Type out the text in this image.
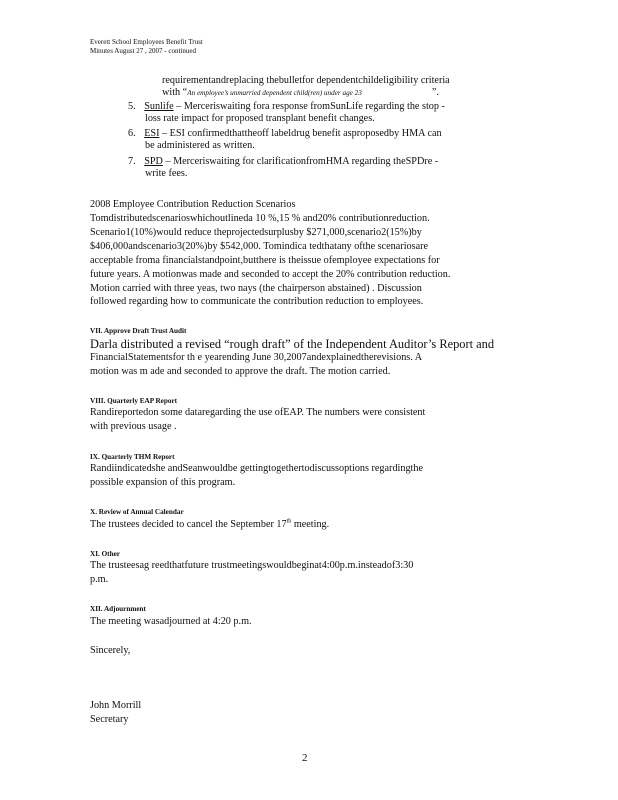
Everett School Employees Benefit Trust
Minutes August 27 , 2007 - continued
requirementandreplacing thebulletfor dependentchildeligibility criteria
with “An employee’s unmarried dependent child(ren) under age 23	”.
5. Sunlife – Merceriswaiting fora response fromSunLife regarding the stop -
loss rate impact for proposed transplant benefit changes.
6. ESI – ESI confirmedthattheoff labeldrug benefit asproposedby HMA can
be administered as written.
7. SPD – Merceriswaiting for clarificationfromHMA regarding theSPDre -
write fees.
2008 Employee Contribution Reduction Scenarios
Tomdistributedscenarioswhichoutlineda 10 %,15 % and20% contributionreduction.
Scenario1(10%)would reduce theprojectedsurplusby $271,000,scenario2(15%)by
$406,000andscenario3(20%)by $542,000. Tomindica tedthatany ofthe scenariosare
acceptable froma financialstandpoint,butthere is theissue ofemployee expectations for
future years. A motionwas made and seconded to accept the 20% contribution reduction.
Motion carried with three yeas, two nays (the chairperson abstained) . Discussion
followed regarding how to communicate the contribution reduction to employees.
VII. Approve Draft Trust Audit
Darla distributed a revised “rough draft” of the Independent Auditor’s Report and
FinancialStatementsfor th e yearending June 30,2007andexplainedtherevisions. A
motion was m ade and seconded to approve the draft. The motion carried.
VIII. Quarterly EAP Report
Randireportedon some dataregarding the use ofEAP. The numbers were consistent
with previous usage .
IX. Quarterly THM Report
Randiindicatedshe andSeanwouldbe gettingtogethertodiscussoptions regardingthe
possible expansion of this program.
X. Review of Annual Calendar
The trustees decided to cancel the September 17th meeting.
XI. Other
The trusteesag reedthatfuture trustmeetingswouldbeginat4:00p.m.insteadof3:30
p.m.
XII. Adjournment
The meeting wasadjourned at 4:20 p.m.
Sincerely,
John Morrill
Secretary
2
